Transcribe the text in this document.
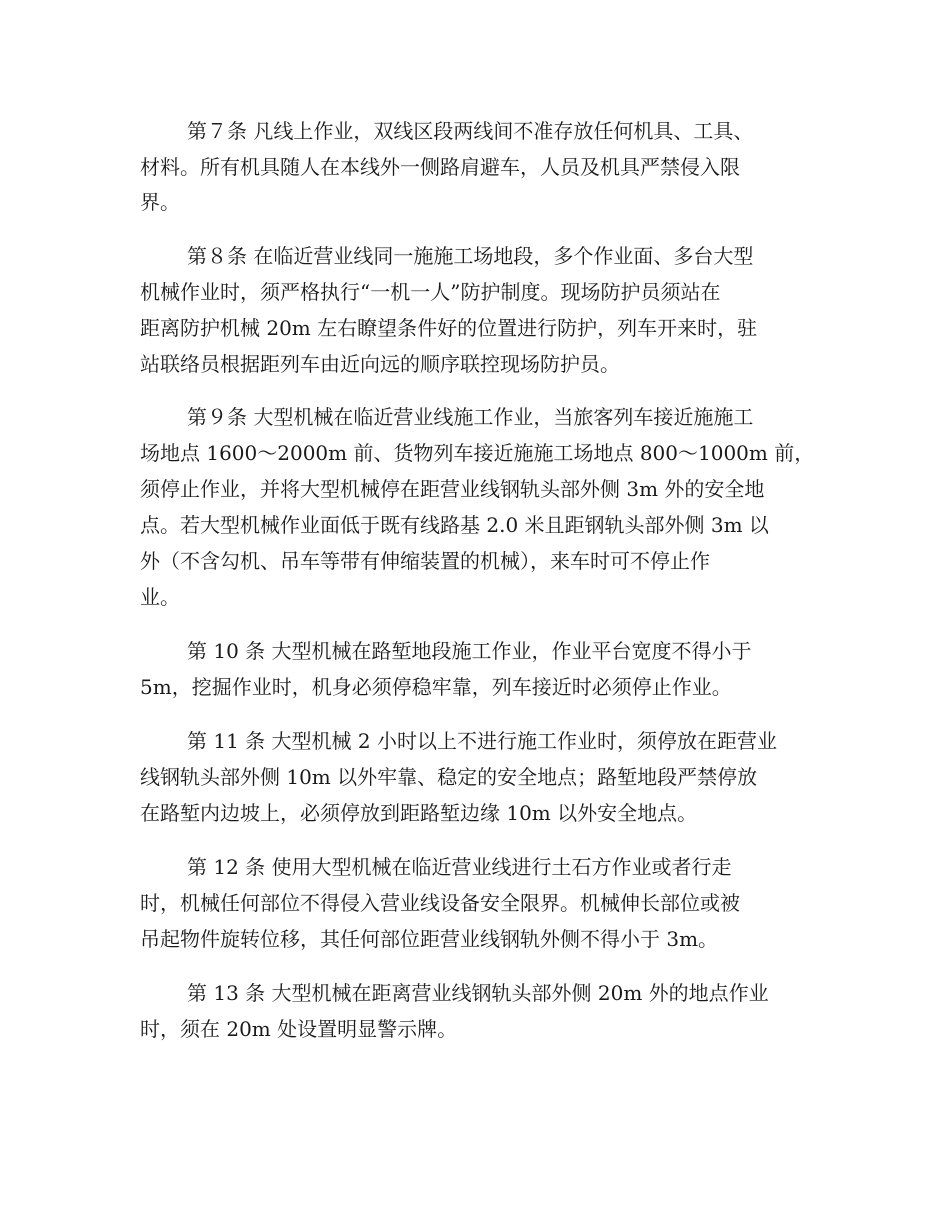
第７条 凡线上作业，双线区段两线间不准存放任何机具、工具、
材料。所有机具随人在本线外一侧路肩避车，人员及机具严禁侵入限
界。
第８条 在临近营业线同一施施工场地段，多个作业面、多台大型
机械作业时，须严格执行“一机一人”防护制度。现场防护员须站在
距离防护机械 20m 左右瞭望条件好的位置进行防护，列车开来时，驻
站联络员根据距列车由近向远的顺序联控现场防护员。
第９条 大型机械在临近营业线施工作业，当旅客列车接近施施工
场地点 1600～2000m 前、货物列车接近施施工场地点 800～1000m 前，
须停止作业，并将大型机械停在距营业线钢轨头部外侧 3m 外的安全地
点。若大型机械作业面低于既有线路基 2.0 米且距钢轨头部外侧 3m 以
外（不含勾机、吊车等带有伸缩装置的机械），来车时可不停止作
业。
第 10 条 大型机械在路堑地段施工作业，作业平台宽度不得小于
5m，挖掘作业时，机身必须停稳牢靠，列车接近时必须停止作业。
第 11 条 大型机械 2 小时以上不进行施工作业时，须停放在距营业
线钢轨头部外侧 10m 以外牢靠、稳定的安全地点；路堑地段严禁停放
在路堑内边坡上，必须停放到距路堑边缘 10m 以外安全地点。
第 12 条 使用大型机械在临近营业线进行土石方作业或者行走
时，机械任何部位不得侵入营业线设备安全限界。机械伸长部位或被
吊起物件旋转位移，其任何部位距营业线钢轨外侧不得小于 3m。
第 13 条 大型机械在距离营业线钢轨头部外侧 20m 外的地点作业
时，须在 20m 处设置明显警示牌。
